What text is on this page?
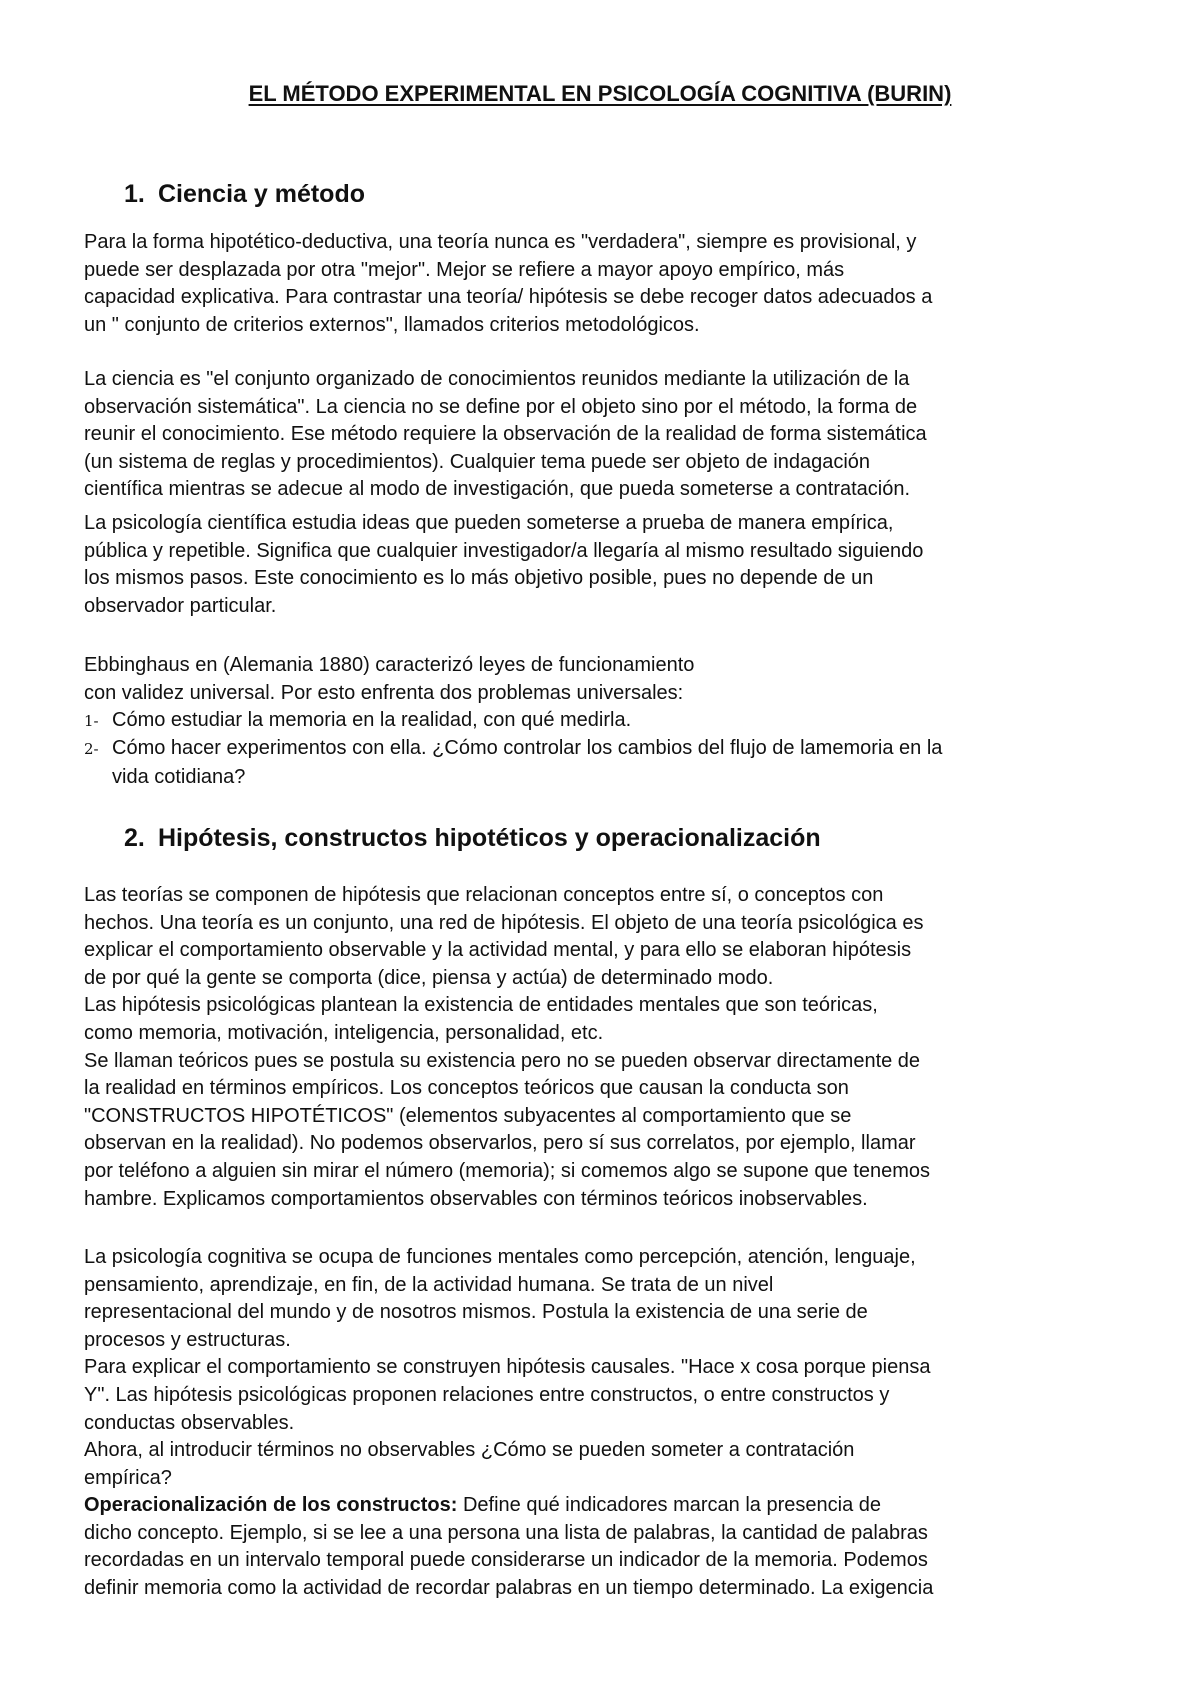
EL MÉTODO EXPERIMENTAL EN PSICOLOGÍA COGNITIVA (BURIN)
1. Ciencia y método
Para la forma hipotético-deductiva, una teoría nunca es "verdadera", siempre es provisional, y
puede ser desplazada por otra "mejor". Mejor se refiere a mayor apoyo empírico, más
capacidad explicativa. Para contrastar una teoría/ hipótesis se debe recoger datos adecuados a
un " conjunto de criterios externos", llamados criterios metodológicos.
La ciencia es "el conjunto organizado de conocimientos reunidos mediante la utilización de la
observación sistemática". La ciencia no se define por el objeto sino por el método, la forma de
reunir el conocimiento. Ese método requiere la observación de la realidad de forma sistemática
(un sistema de reglas y procedimientos). Cualquier tema puede ser objeto de indagación
científica mientras se adecue al modo de investigación, que pueda someterse a contratación.
La psicología científica estudia ideas que pueden someterse a prueba de manera empírica,
pública y repetible. Significa que cualquier investigador/a llegaría al mismo resultado siguiendo
los mismos pasos. Este conocimiento es lo más objetivo posible, pues no depende de un
observador particular.
Ebbinghaus en (Alemania 1880) caracterizó leyes de funcionamiento
con validez universal. Por esto enfrenta dos problemas universales:
1- Cómo estudiar la memoria en la realidad, con qué medirla.
2- Cómo hacer experimentos con ella. ¿Cómo controlar los cambios del flujo de lamemoria en la
vida cotidiana?
2. Hipótesis, constructos hipotéticos y operacionalización
Las teorías se componen de hipótesis que relacionan conceptos entre sí, o conceptos con
hechos. Una teoría es un conjunto, una red de hipótesis. El objeto de una teoría psicológica es
explicar el comportamiento observable y la actividad mental, y para ello se elaboran hipótesis
de por qué la gente se comporta (dice, piensa y actúa) de determinado modo.
Las hipótesis psicológicas plantean la existencia de entidades mentales que son teóricas,
como memoria, motivación, inteligencia, personalidad, etc.
Se llaman teóricos pues se postula su existencia pero no se pueden observar directamente de
la realidad en términos empíricos. Los conceptos teóricos que causan la conducta son
"CONSTRUCTOS HIPOTÉTICOS" (elementos subyacentes al comportamiento que se
observan en la realidad). No podemos observarlos, pero sí sus correlatos, por ejemplo, llamar
por teléfono a alguien sin mirar el número (memoria); si comemos algo se supone que tenemos
hambre. Explicamos comportamientos observables con términos teóricos inobservables.
La psicología cognitiva se ocupa de funciones mentales como percepción, atención, lenguaje,
pensamiento, aprendizaje, en fin, de la actividad humana. Se trata de un nivel
representacional del mundo y de nosotros mismos. Postula la existencia de una serie de
procesos y estructuras.
Para explicar el comportamiento se construyen hipótesis causales. "Hace x cosa porque piensa
Y". Las hipótesis psicológicas proponen relaciones entre constructos, o entre constructos y
conductas observables.
Ahora, al introducir términos no observables ¿Cómo se pueden someter a contratación
empírica?
Operacionalización de los constructos: Define qué indicadores marcan la presencia de
dicho concepto. Ejemplo, si se lee a una persona una lista de palabras, la cantidad de palabras
recordadas en un intervalo temporal puede considerarse un indicador de la memoria. Podemos
definir memoria como la actividad de recordar palabras en un tiempo determinado. La exigencia
